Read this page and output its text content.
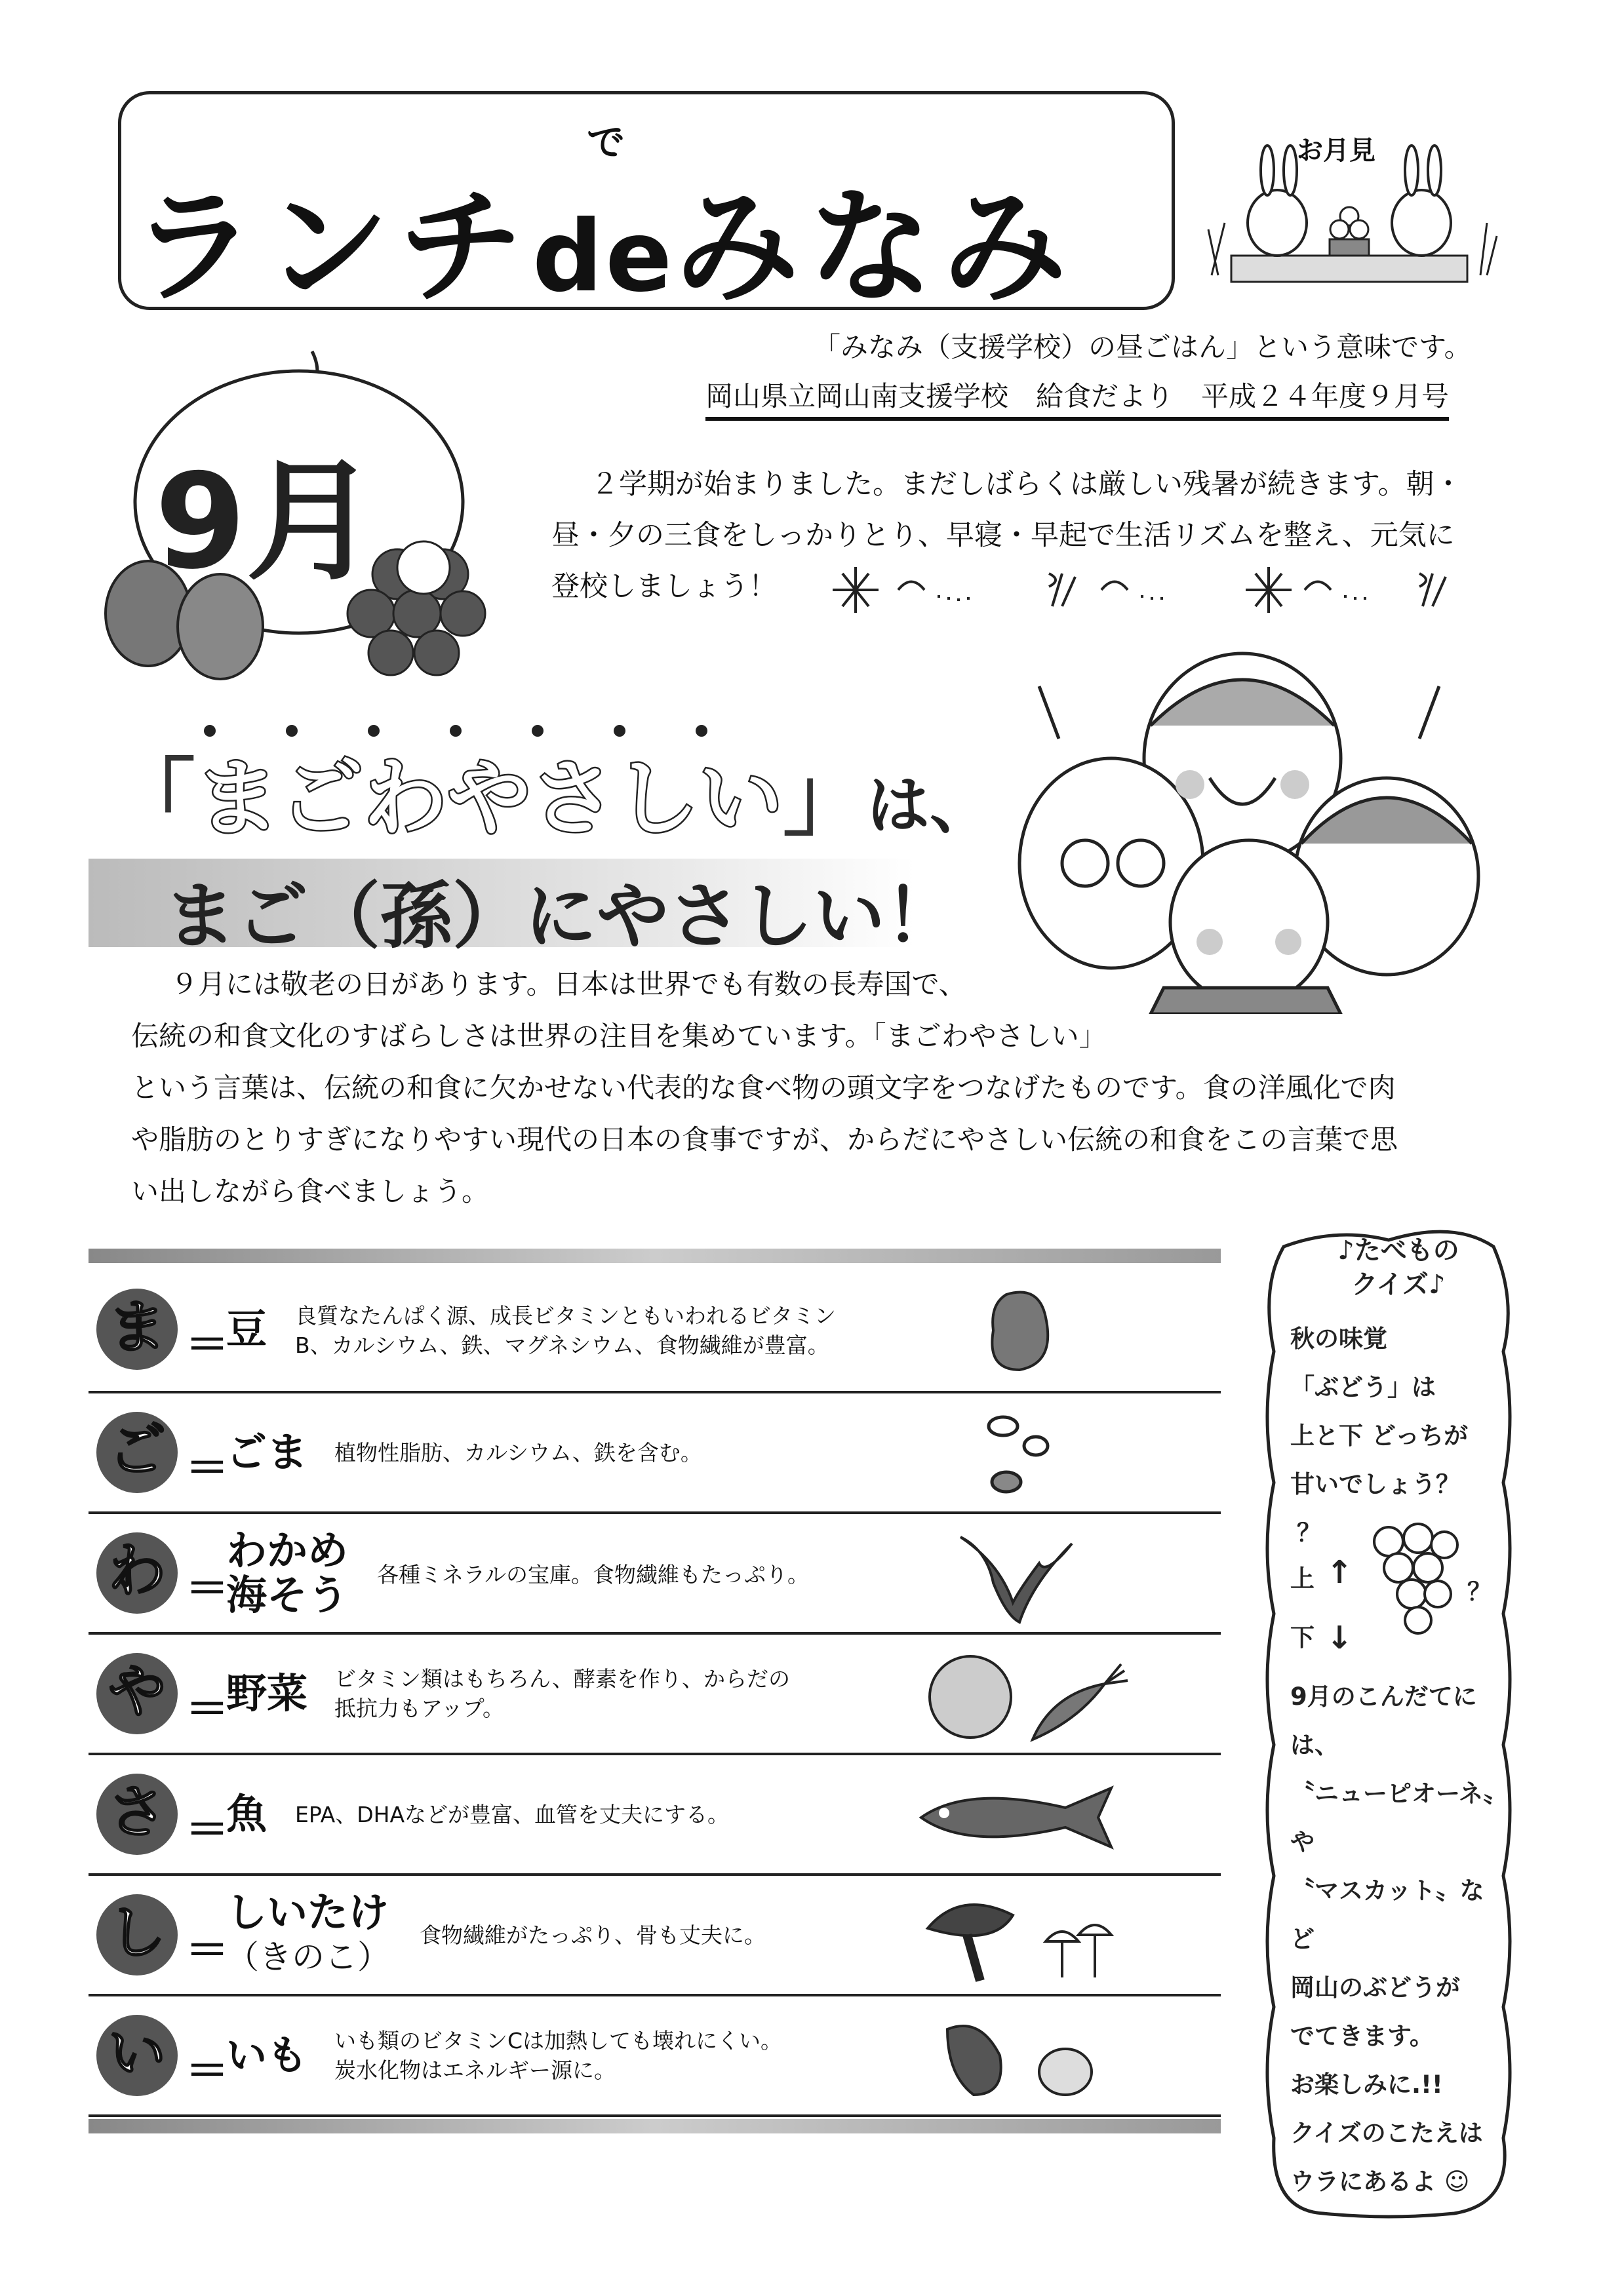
で
ランチdeみなみ
お月見
「みなみ（支援学校）の昼ごはん」という意味です。
岡山県立岡山南支援学校　給食だより　平成２４年度９月号
9月	２学期が始まりました。まだしばらくは厳しい残暑が続きます。朝・
昼・夕の三食をしっかりとり、早寝・早起で生活リズムを整え、元気に
登校しましょう！
「まごわやさしい」は、
まご（孫）にやさしい！
９月には敬老の日があります。日本は世界でも有数の長寿国で、
伝統の和食文化のすばらしさは世界の注目を集めています。「まごわやさしい」
という言葉は、伝統の和食に欠かせない代表的な食べ物の頭文字をつなげたものです。食の洋風化で肉
や脂肪のとりすぎになりやすい現代の日本の食事ですが、からだにやさしい伝統の和食をこの言葉で思
い出しながら食べましょう。
ま ＝
豆 良質なたんぱく源、成長ビタミンともいわれるビタミン
B、カルシウム、鉄、マグネシウム、食物繊維が豊富。
ご ＝
ごま 植物性脂肪、カルシウム、鉄を含む。
わ ＝
わかめ
海そう 各種ミネラルの宝庫。食物繊維もたっぷり。
や ＝
野菜 ビタミン類はもちろん、酵素を作り、からだの
抵抗力もアップ。
さ ＝
魚 EPA、DHAなどが豊富、血管を丈夫にする。
し ＝
しいたけ
（きのこ）
食物繊維がたっぷり、骨も丈夫に。
い ＝
いも いも類のビタミンCは加熱しても壊れにくい。
炭水化物はエネルギー源に。
♪たべもの
クイズ♪
秋の味覚
「ぶどう」は
上と下 どっちが
甘いでしょう？
？
上 ↑
下 ↓
？
9月のこんだてには、
〝ニューピオーネ〟や
〝マスカット〟など
岡山のぶどうが
でてきます。
お楽しみに.!!
クイズのこたえは
ウラにあるよ ☺
